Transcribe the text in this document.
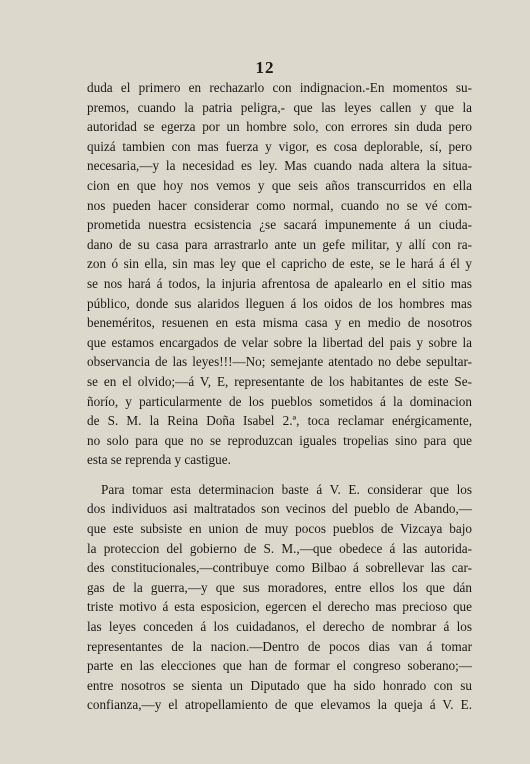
12
duda el primero en rechazarlo con indignacion.-En momentos su-
premos, cuando la patria peligra,- que las leyes callen y que la
autoridad se egerza por un hombre solo, con errores sin duda pero
quizá tambien con mas fuerza y vigor, es cosa deplorable, sí, pero
necesaria,—y la necesidad es ley. Mas cuando nada altera la situa-
cion en que hoy nos vemos y que seis años transcurridos en ella
nos pueden hacer considerar como normal, cuando no se vé com-
prometida nuestra ecsistencia ¿se sacará impunemente á un ciuda-
dano de su casa para arrastrarlo ante un gefe militar, y allí con ra-
zon ó sin ella, sin mas ley que el capricho de este, se le hará á él y
se nos hará á todos, la injuria afrentosa de apalearlo en el sitio mas
público, donde sus alaridos lleguen á los oidos de los hombres mas
beneméritos, resuenen en esta misma casa y en medio de nosotros
que estamos encargados de velar sobre la libertad del pais y sobre la
observancia de las leyes!!!—No; semejante atentado no debe sepultar-
se en el olvido;—á V, E, representante de los habitantes de este Se-
ñorío, y particularmente de los pueblos sometidos á la dominacion
de S. M. la Reina Doña Isabel 2.ª, toca reclamar enérgicamente,
no solo para que no se reproduzcan iguales tropelias sino para que
esta se reprenda y castigue.
Para tomar esta determinacion baste á V. E. considerar que los
dos individuos asi maltratados son vecinos del pueblo de Abando,—
que este subsiste en union de muy pocos pueblos de Vizcaya bajo
la proteccion del gobierno de S. M.,—que obedece á las autorida-
des constitucionales,—contribuye como Bilbao á sobrellevar las car-
gas de la guerra,—y que sus moradores, entre ellos los que dán
triste motivo á esta esposicion, egercen el derecho mas precioso que
las leyes conceden á los cuidadanos, el derecho de nombrar á los
representantes de la nacion.—Dentro de pocos dias van á tomar
parte en las elecciones que han de formar el congreso soberano;—
entre nosotros se sienta un Diputado que ha sido honrado con su
confianza,—y el atropellamiento de que elevamos la queja á V. E.
